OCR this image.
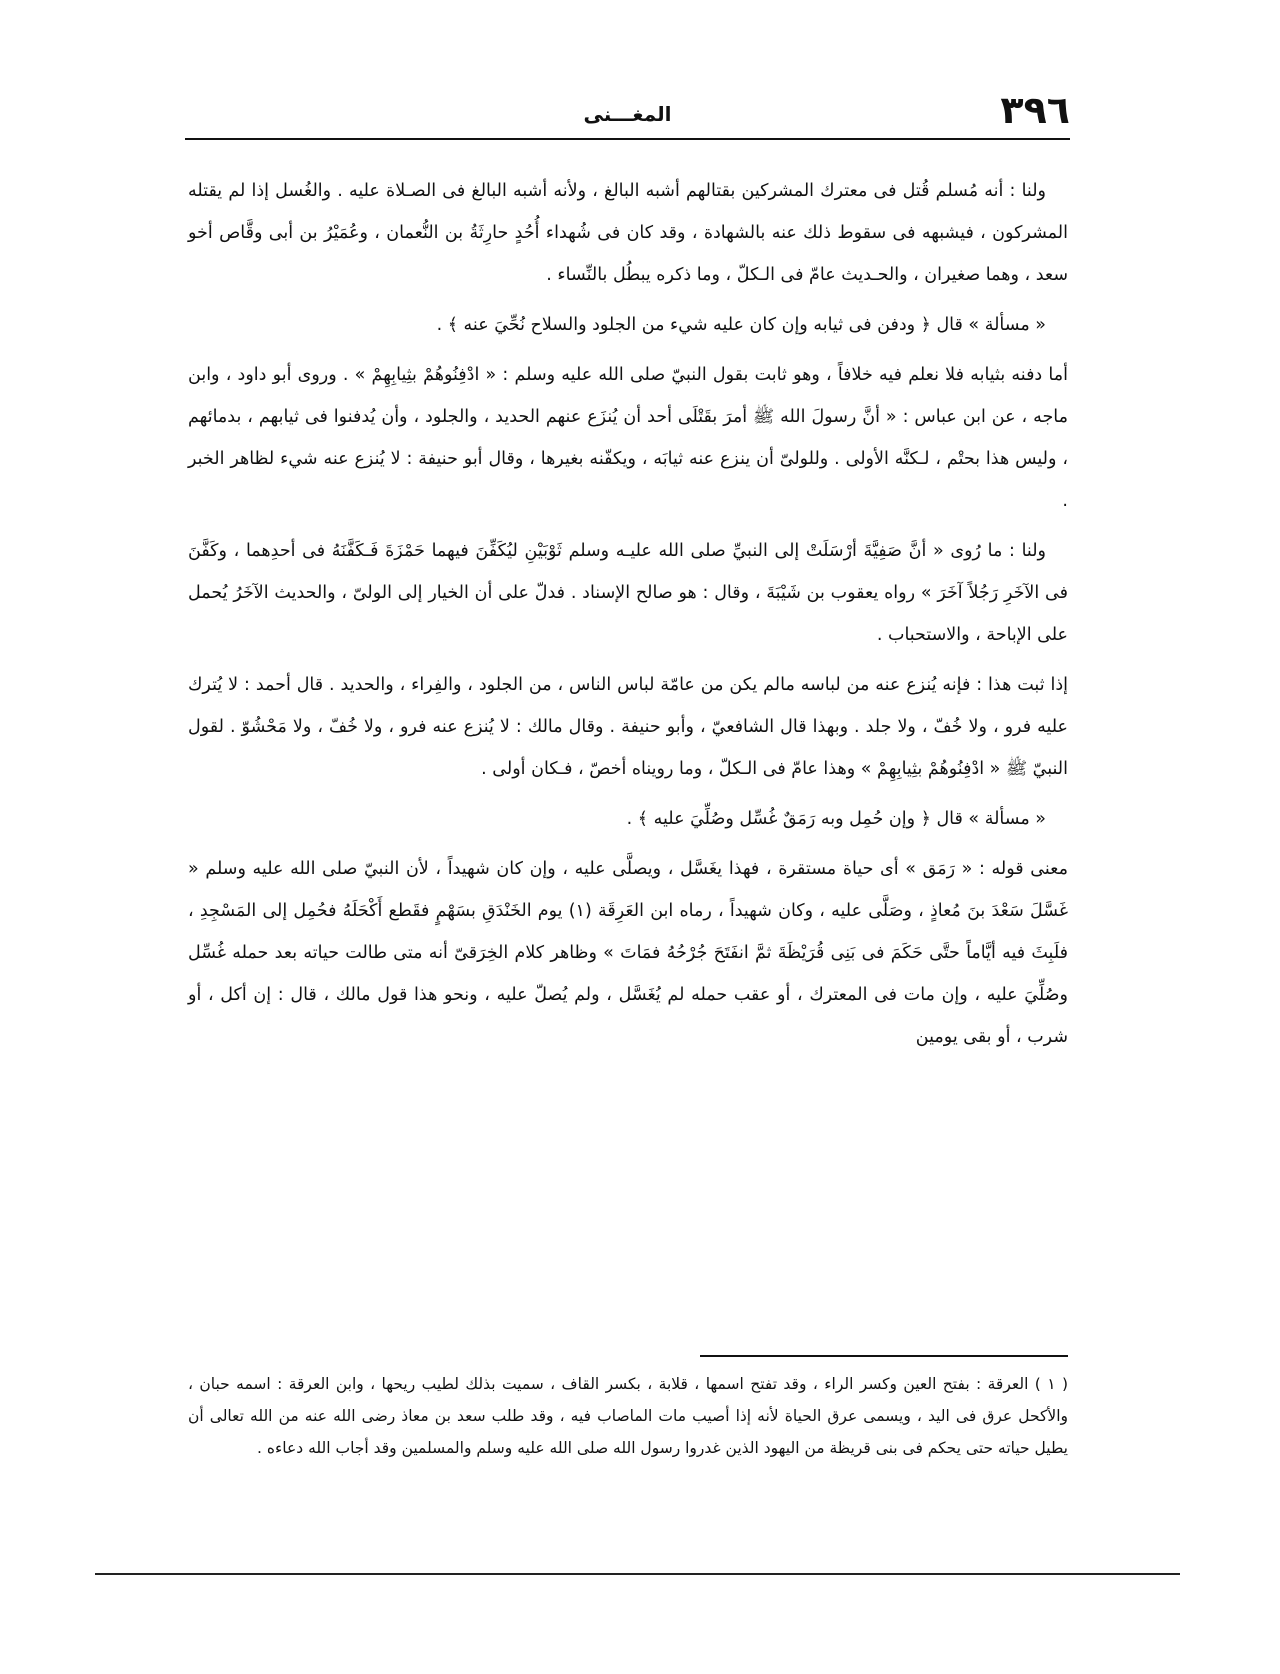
٣٩٦
المغـــنى

ولنا : أنه مُسلم قُتل فى معترك المشركين بقتالهم أشبه البالغ ، ولأنه أشبه البالغ فى الصـلاة عليه . والغُسل إذا لم يقتله المشركون ، فيشبهه فى سقوط ذلك عنه بالشهادة ، وقد كان فى شُهداء أُحُدٍ حارِثَةُ بن النُّعمان ، وعُمَيْرُ بن أبى وقَّاص أخو سعد ، وهما صغيران ، والحـديث عامّ فى الـكلّ ، وما ذكره يبطُل بالنِّساء .

« مسألة » قال ﴿ ودفن فى ثيابه وإن كان عليه شيء من الجلود والسلاح نُحِّيَ عنه ﴾ .

أما دفنه بثيابه فلا نعلم فيه خلافاً ، وهو ثابت بقول النبيّ صلى الله عليه وسلم : « ادْفِنُوهُمْ بثِيابِهِمْ » . وروى أبو داود ، وابن ماجه ، عن ابن عباس : « أنَّ رسولَ الله ﷺ أمرَ بقَتْلَى أحد أن يُنزَع عنهم الحديد ، والجلود ، وأن يُدفنوا فى ثيابهم ، بدمائهم ، وليس هذا بحتْم ، لـكنَّه الأولى . وللولىّ أن ينزع عنه ثيابَه ، ويكفّنه بغيرها ، وقال أبو حنيفة : لا يُنزع عنه شيء لظاهر الخبر .

ولنا : ما رُوى « أنَّ صَفِيَّةَ أرْسَلَتْ إلى النبيِّ صلى الله عليـه وسلم ثَوْبَيْنِ ليُكَفِّنَ فيهما حَمْزَةَ فَـكَفَّنَهُ فى أحدِهما ، وكَفَّنَ فى الآخَرِ رَجُلاً آخَرَ » رواه يعقوب بن شَيْبَةَ ، وقال : هو صالح الإسناد . فدلّ على أن الخيار إلى الولىّ ، والحديث الآخَرُ يُحمل على الإباحة ، والاستحباب .

إذا ثبت هذا : فإنه يُنزع عنه من لباسه مالم يكن من عامّة لباس الناس ، من الجلود ، والفِراء ، والحديد . قال أحمد : لا يُترك عليه فرو ، ولا خُفّ ، ولا جلد . وبهذا قال الشافعيّ ، وأبو حنيفة . وقال مالك : لا يُنزع عنه فرو ، ولا خُفّ ، ولا مَحْشُوّ . لقول النبيّ ﷺ « ادْفِنُوهُمْ بثِيابِهِمْ » وهذا عامّ فى الـكلّ ، وما رويناه أخصّ ، فـكان أولى .

« مسألة » قال ﴿ وإن حُمِل وبه رَمَقٌ غُسِّل وصُلِّيَ عليه ﴾ .

معنى قوله : « رَمَق » أى حياة مستقرة ، فهذا يغَسَّل ، ويصلَّى عليه ، وإن كان شهيداً ، لأن النبيّ صلى الله عليه وسلم « غَسَّلَ سَعْدَ بنَ مُعاذٍ ، وصَلَّى عليه ، وكان شهيداً ، رماه ابن العَرِقَة (١) يوم الخَنْدَقِ بسَهْمٍ فقَطع أَكْحَلَهُ فحُمِل إلى المَسْجِدِ ، فلَبِثَ فيه أيَّاماً حتَّى حَكَمَ فى بَنِى قُرَيْظَةَ ثمَّ انفَتَحَ جُرْحُهُ فمَاتَ » وظاهر كلام الخِرَقىّ أنه متى طالت حياته بعد حمله غُسِّل وصُلِّيَ عليه ، وإن مات فى المعترك ، أو عقب حمله لم يُغَسَّل ، ولم يُصلّ عليه ، ونحو هذا قول مالك ، قال : إن أكل ، أو شرب ، أو بقى يومين

( ١ ) العرقة : بفتح العين وكسر الراء ، وقد تفتح اسمها ، قلابة ، بكسر القاف ، سميت بذلك لطيب ريحها ، وابن العرقة : اسمه حبان ، والأكحل عرق فى اليد ، ويسمى عرق الحياة لأنه إذا أصيب مات الماصاب فيه ، وقد طلب سعد بن معاذ رضى الله عنه من الله تعالى أن يطيل حياته حتى يحكم فى بنى قريظة من اليهود الذين غدروا رسول الله صلى الله عليه وسلم والمسلمين وقد أجاب الله دعاءه .
